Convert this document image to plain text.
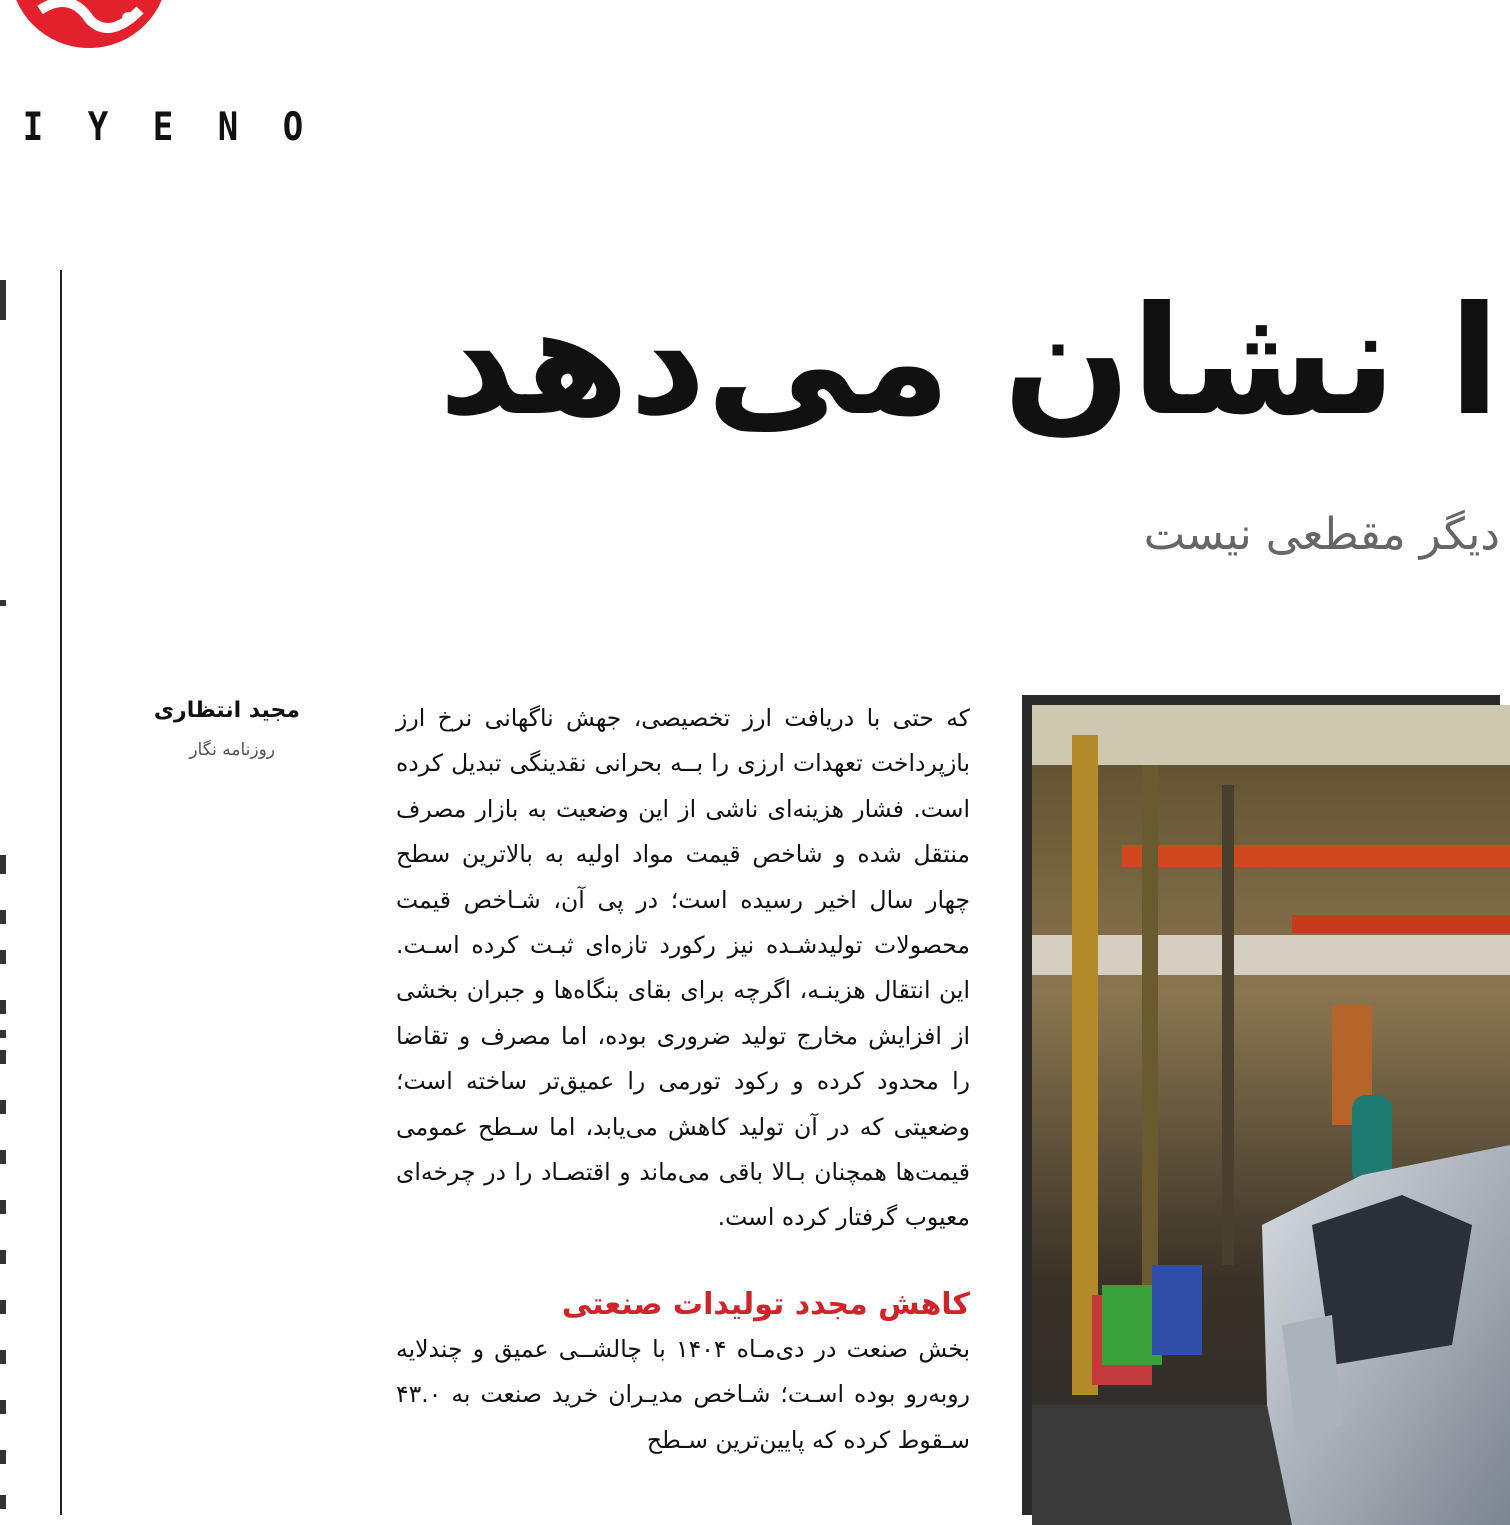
I Y E N O
ا نشان می‌دهد
دیگر مقطعی نیست
مجید انتظاری
روزنامه نگار

که حتی با دریافت ارز تخصیصی، جهش ناگهانی نرخ ارز بازپرداخت تعهدات ارزی را بــه بحرانی نقدینگی تبدیل کرده است. فشار هزینه‌ای ناشی از این وضعیت به بازار مصرف منتقل شده و شاخص قیمت مواد اولیه به بالاترین سطح چهار سال اخیر رسیده است؛ در پی آن، شـاخص قیمت محصولات تولیدشـده نیز رکورد تازه‌ای ثبـت کرده اسـت. این انتقال هزینـه، اگرچه برای بقای بنگاه‌ها و جبران بخشی از افزایش مخارج تولید ضروری بوده، اما مصرف و تقاضا را محدود کرده و رکود تورمی را عمیق‌تر ساخته است؛ وضعیتی که در آن تولید کاهش می‌یابد، اما سـطح عمومی قیمت‌ها همچنان بـالا باقی می‌ماند و اقتصـاد را در چرخه‌ای معیوب گرفتار کرده است.

کاهش مجدد تولیدات صنعتی

بخش صنعت در دی‌مـاه ۱۴۰۴ با چالشــی عمیق و چندلایه روبه‌رو بوده اسـت؛ شـاخص مدیـران خرید صنعت به ۴۳.۰ سـقوط کرده که پایین‌ترین سـطح
